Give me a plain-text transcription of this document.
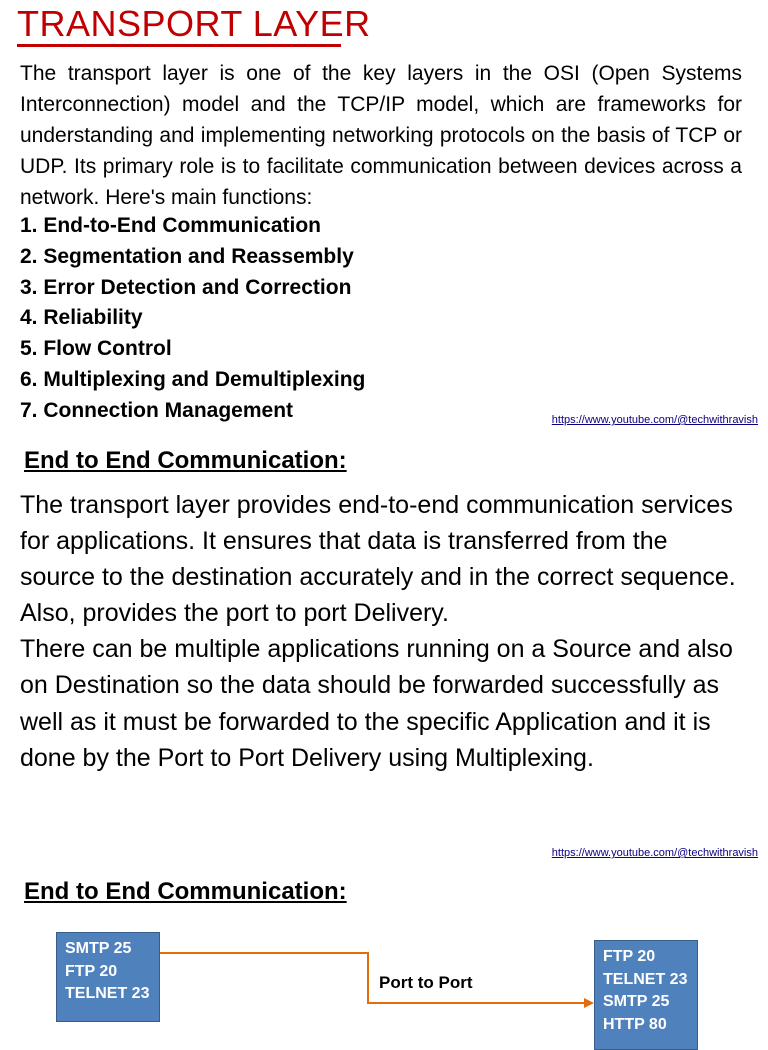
TRANSPORT LAYER

The transport layer is one of the key layers in the OSI (Open Systems Interconnection) model and the TCP/IP model, which are frameworks for understanding and implementing networking protocols on the basis of TCP or UDP. Its primary role is to facilitate communication between devices across a network. Here's main functions:

1. End-to-End Communication
2. Segmentation and Reassembly
3. Error Detection and Correction
4. Reliability
5. Flow Control
6. Multiplexing and Demultiplexing
7. Connection Management	https://www.youtube.com/@techwithravish
End to End Communication:
The transport layer provides end-to-end communication services for applications. It ensures that data is transferred from the source to the destination accurately and in the correct sequence.
Also, provides the port to port Delivery.
There can be multiple applications running on a Source and also on Destination so the data should be forwarded successfully as well as it must be forwarded to the specific Application and it is done by the Port to Port Delivery using Multiplexing.
https://www.youtube.com/@techwithravish
End to End Communication:
SMTP 25
FTP 20
TELNET 23
Port to Port
FTP 20
TELNET 23
SMTP 25
HTTP 80
